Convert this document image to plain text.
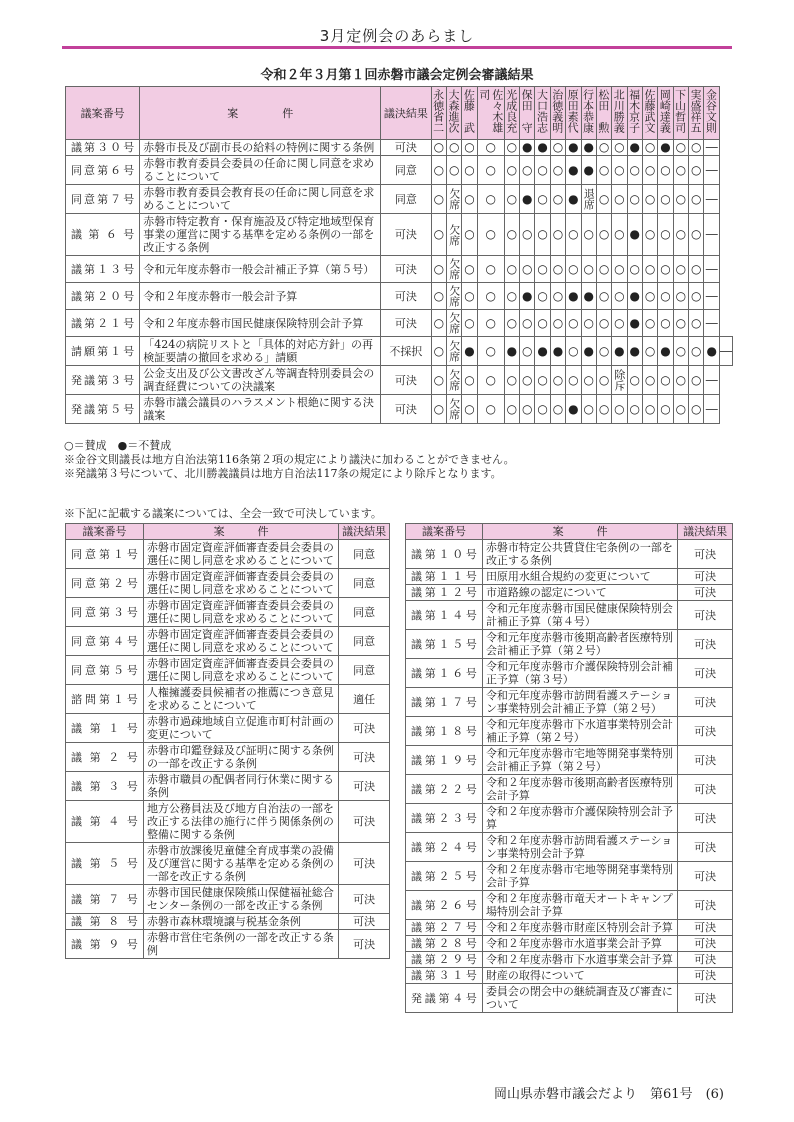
3月定例会のあらまし
令和２年３月第１回赤磐市議会定例会審議結果
議案番号	案　　　　件	議決結果	永徳省二	大森進次	佐藤　武	佐々木雄司	光成良充	保田　守	大口浩志	治徳義明	原田素代	行本恭康	松田　勲	北川勝義	福木京子	佐藤武文	岡崎達義	下山哲司	実盛祥五	金谷文則	

議第３０号	赤磐市長及び副市長の給料の特例に関する条例	可決	○	○	○	○	○	●	●	○	●	●	○	○	●	○	●	○	○	―	
同意第６号	赤磐市教育委員会委員の任命に関し同意を求めることについて	同意	○	○	○	○	○	○	○	○	●	●	○	○	○	○	○	○	○	―	
同意第７号	赤磐市教育委員会教育長の任命に関し同意を求めることについて	同意	○	欠席	○	○	○	●	○	○	●	退席	○	○	○	○	○	○	○	―	
議第６号	赤磐市特定教育・保育施設及び特定地域型保育事業の運営に関する基準を定める条例の一部を改正する条例	可決	○	欠席	○	○	○	○	○	○	○	○	○	○	●	○	○	○	○	―	
議第１３号	令和元年度赤磐市一般会計補正予算（第５号）	可決	○	欠席	○	○	○	○	○	○	○	○	○	○	○	○	○	○	○	―	
議第２０号	令和２年度赤磐市一般会計予算	可決	○	欠席	○	○	○	●	○	○	●	●	○	○	●	○	○	○	○	―	
議第２１号	令和２年度赤磐市国民健康保険特別会計予算	可決	○	欠席	○	○	○	○	○	○	○	○	○	○	●	○	○	○	○	―	
請願第１号	「424の病院リストと「具体的対応方針」の再検証要請の撤回を求める」請願	不採択	○	欠席	●	○	●	○	●	●	○	●	○	●	●	○	●	○	○	●	―
発議第３号	公金支出及び公文書改ざん等調査特別委員会の調査経費についての決議案	可決	○	欠席	○	○	○	○	○	○	○	○	○	除斥	○	○	○	○	○	―	
発議第５号	赤磐市議会議員のハラスメント根絶に関する決議案	可決	○	欠席	○	○	○	○	○	○	●	○	○	○	○	○	○	○	○	―	
○＝賛成　●＝不賛成
※金谷文則議長は地方自治法第116条第２項の規定により議決に加わることができません。
※発議第３号について、北川勝義議員は地方自治法117条の規定により除斥となります。
※下記に記載する議案については、全会一致で可決しています。
議案番号	案　　　件	議決結果
同意第１号	赤磐市固定資産評価審査委員会委員の選任に関し同意を求めることについて	同意
同意第２号	赤磐市固定資産評価審査委員会委員の選任に関し同意を求めることについて	同意
同意第３号	赤磐市固定資産評価審査委員会委員の選任に関し同意を求めることについて	同意
同意第４号	赤磐市固定資産評価審査委員会委員の選任に関し同意を求めることについて	同意
同意第５号	赤磐市固定資産評価審査委員会委員の選任に関し同意を求めることについて	同意
諮問第１号	人権擁護委員候補者の推薦につき意見を求めることについて	適任
議第１号	赤磐市過疎地域自立促進市町村計画の変更について	可決
議第２号	赤磐市印鑑登録及び証明に関する条例の一部を改正する条例	可決
議第３号	赤磐市職員の配偶者同行休業に関する条例	可決
議第４号	地方公務員法及び地方自治法の一部を改正する法律の施行に伴う関係条例の整備に関する条例	可決
議第５号	赤磐市放課後児童健全育成事業の設備及び運営に関する基準を定める条例の一部を改正する条例	可決
議第７号	赤磐市国民健康保険熊山保健福祉総合センター条例の一部を改正する条例	可決
議第８号	赤磐市森林環境譲与税基金条例	可決
議第９号	赤磐市営住宅条例の一部を改正する条例	可決
議案番号	案　　　件	議決結果
議第１０号	赤磐市特定公共賃貸住宅条例の一部を改正する条例	可決
議第１１号	田原用水組合規約の変更について	可決
議第１２号	市道路線の認定について	可決
議第１４号	令和元年度赤磐市国民健康保険特別会計補正予算（第４号）	可決
議第１５号	令和元年度赤磐市後期高齢者医療特別会計補正予算（第２号）	可決
議第１６号	令和元年度赤磐市介護保険特別会計補正予算（第３号）	可決
議第１７号	令和元年度赤磐市訪問看護ステーション事業特別会計補正予算（第２号）	可決
議第１８号	令和元年度赤磐市下水道事業特別会計補正予算（第２号）	可決
議第１９号	令和元年度赤磐市宅地等開発事業特別会計補正予算（第２号）	可決
議第２２号	令和２年度赤磐市後期高齢者医療特別会計予算	可決
議第２３号	令和２年度赤磐市介護保険特別会計予算	可決
議第２４号	令和２年度赤磐市訪問看護ステーション事業特別会計予算	可決
議第２５号	令和２年度赤磐市宅地等開発事業特別会計予算	可決
議第２６号	令和２年度赤磐市竜天オートキャンプ場特別会計予算	可決
議第２７号	令和２年度赤磐市財産区特別会計予算	可決
議第２８号	令和２年度赤磐市水道事業会計予算	可決
議第２９号	令和２年度赤磐市下水道事業会計予算	可決
議第３１号	財産の取得について	可決
発議第４号	委員会の閉会中の継続調査及び審査について	可決
岡山県赤磐市議会だより　第61号　(6)
